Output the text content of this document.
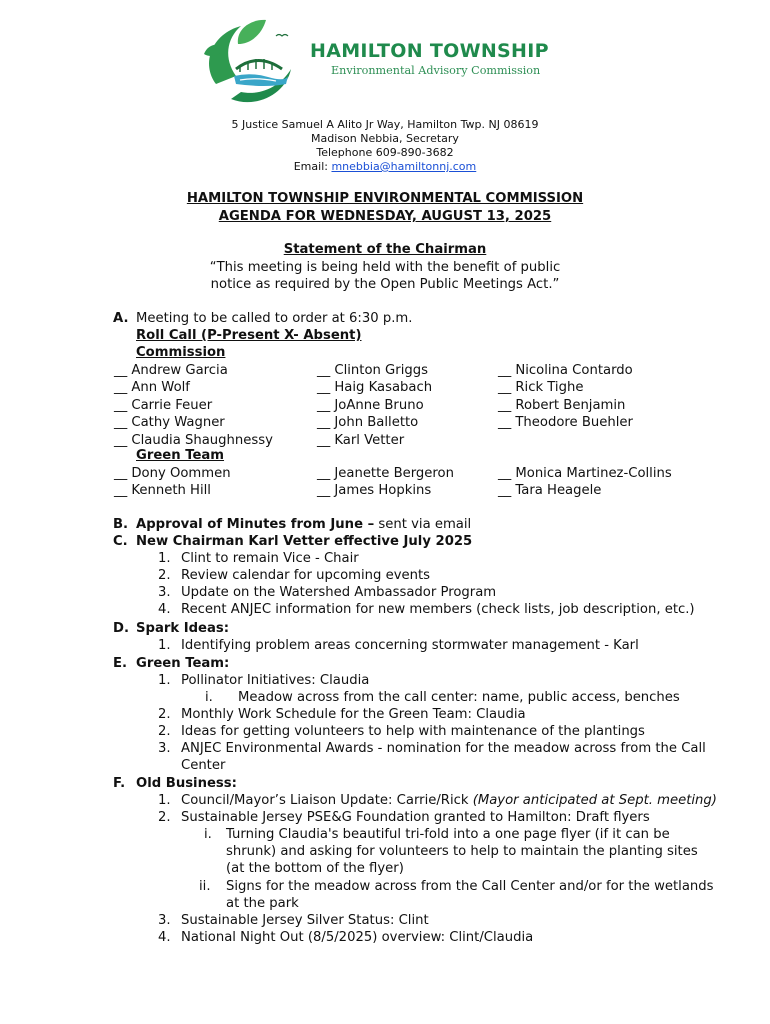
HAMILTON TOWNSHIP
Environmental Advisory Commission
5 Justice Samuel A Alito Jr Way, Hamilton Twp. NJ 08619
Madison Nebbia, Secretary
Telephone 609-890-3682
Email: mnebbia@hamiltonnj.com
HAMILTON TOWNSHIP ENVIRONMENTAL COMMISSION
AGENDA FOR WEDNESDAY, AUGUST 13, 2025
Statement of the Chairman
“This meeting is being held with the benefit of public
notice as required by the Open Public Meetings Act.”
A. Meeting to be called to order at 6:30 p.m.
Roll Call (P-Present X- Absent)
Commission
__ Andrew Garcia
__ Ann Wolf
__ Carrie Feuer
__ Cathy Wagner
__ Claudia Shaughnessy
__ Clinton Griggs
__ Haig Kasabach
__ JoAnne Bruno
__ John Balletto
__ Karl Vetter
__ Nicolina Contardo
__ Rick Tighe
__ Robert Benjamin
__ Theodore Buehler
Green Team
__ Dony Oommen
__ Kenneth Hill
__ Jeanette Bergeron
__ James Hopkins
__ Monica Martinez-Collins
__ Tara Heagele
B. Approval of Minutes from June – sent via email
C. New Chairman Karl Vetter effective July 2025
1. Clint to remain Vice - Chair
2. Review calendar for upcoming events
3. Update on the Watershed Ambassador Program
4. Recent ANJEC information for new members (check lists, job description, etc.)
D. Spark Ideas:
1. Identifying problem areas concerning stormwater management - Karl
E. Green Team:
1. Pollinator Initiatives: Claudia
i. Meadow across from the call center: name, public access, benches
2. Monthly Work Schedule for the Green Team: Claudia
2. Ideas for getting volunteers to help with maintenance of the plantings
3. ANJEC Environmental Awards - nomination for the meadow across from the Call
Center
F. Old Business:
1. Council/Mayor’s Liaison Update: Carrie/Rick (Mayor anticipated at Sept. meeting)
2. Sustainable Jersey PSE&G Foundation granted to Hamilton: Draft flyers
i. Turning Claudia's beautiful tri-fold into a one page flyer (if it can be
shrunk) and asking for volunteers to help to maintain the planting sites
(at the bottom of the flyer)
ii. Signs for the meadow across from the Call Center and/or for the wetlands
at the park
3. Sustainable Jersey Silver Status: Clint
4. National Night Out (8/5/2025) overview: Clint/Claudia
